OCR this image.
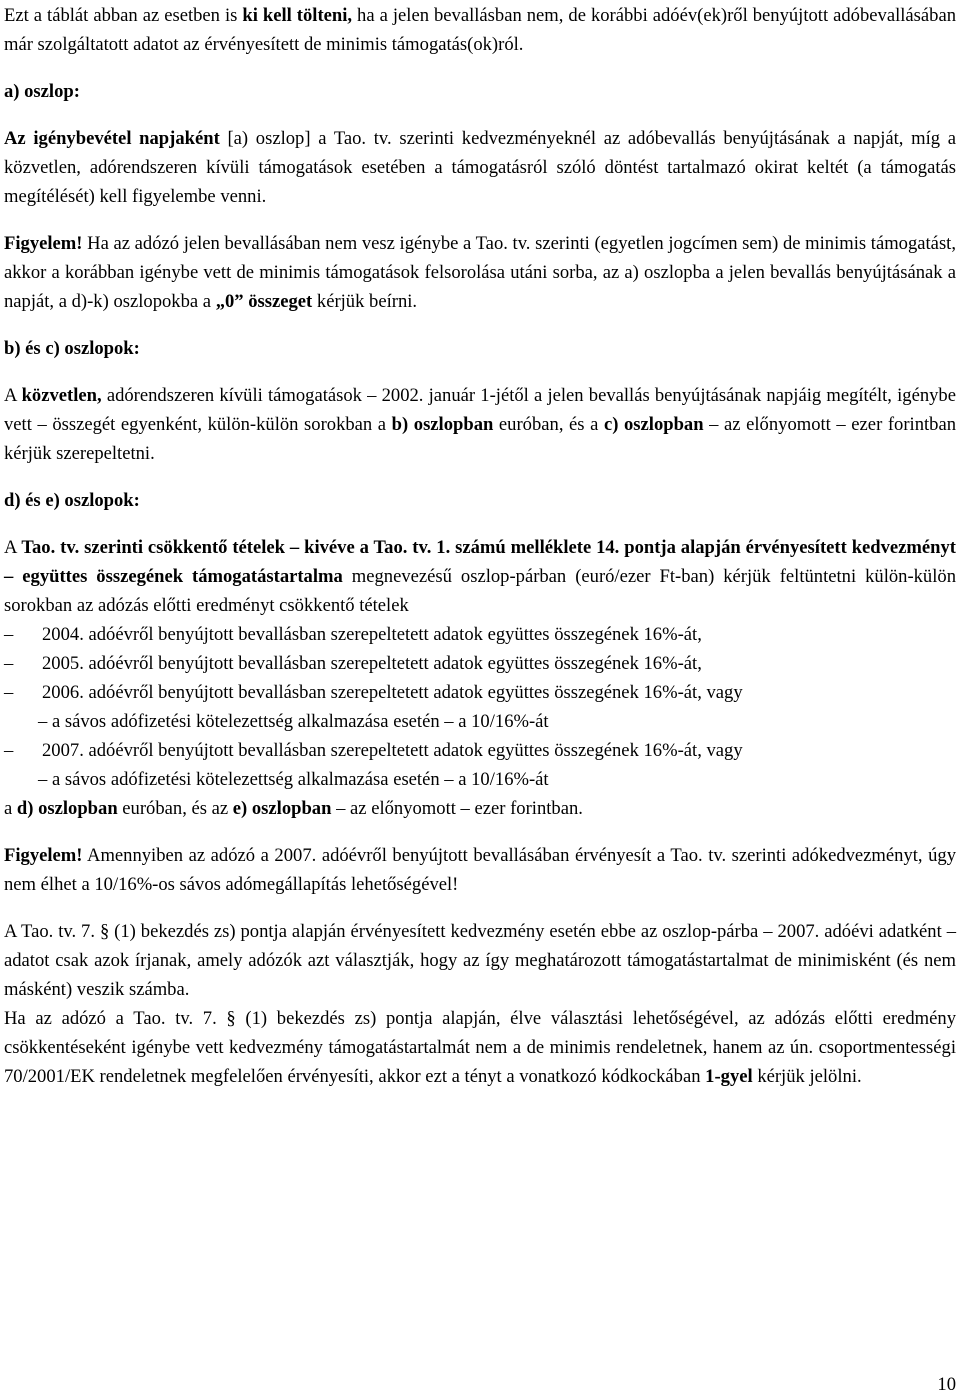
Ezt a táblát abban az esetben is ki kell tölteni, ha a jelen bevallásban nem, de korábbi adóév(ek)ről benyújtott adóbevallásában már szolgáltatott adatot az érvényesített de minimis támogatás(ok)ról.

a) oszlop:

Az igénybevétel napjaként [a) oszlop] a Tao. tv. szerinti kedvezményeknél az adóbevallás benyújtásának a napját, míg a közvetlen, adórendszeren kívüli támogatások esetében a támogatásról szóló döntést tartalmazó okirat keltét (a támogatás megítélését) kell figyelembe venni.

Figyelem! Ha az adózó jelen bevallásában nem vesz igénybe a Tao. tv. szerinti (egyetlen jogcímen sem) de minimis támogatást, akkor a korábban igénybe vett de minimis támogatások felsorolása utáni sorba, az a) oszlopba a jelen bevallás benyújtásának a napját, a d)-k) oszlopokba a „0” összeget kérjük beírni.

b) és c) oszlopok:

A közvetlen, adórendszeren kívüli támogatások – 2002. január 1-jétől a jelen bevallás benyújtásának napjáig megítélt, igénybe vett – összegét egyenként, külön-külön sorokban a b) oszlopban euróban, és a c) oszlopban – az előnyomott – ezer forintban kérjük szerepeltetni.

d) és e) oszlopok:

A Tao. tv. szerinti csökkentő tételek – kivéve a Tao. tv. 1. számú melléklete 14. pontja alapján érvényesített kedvezményt – együttes összegének támogatástartalma megnevezésű oszlop-párban (euró/ezer Ft-ban) kérjük feltüntetni külön-külön sorokban az adózás előtti eredményt csökkentő tételek

–	2004. adóévről benyújtott bevallásban szerepeltetett adatok együttes összegének 16%-át,
–	2005. adóévről benyújtott bevallásban szerepeltetett adatok együttes összegének 16%-át,
–	2006. adóévről benyújtott bevallásban szerepeltetett adatok együttes összegének 16%-át, vagy

– a sávos adófizetési kötelezettség alkalmazása esetén – a 10/16%-át

–	2007. adóévről benyújtott bevallásban szerepeltetett adatok együttes összegének 16%-át, vagy

– a sávos adófizetési kötelezettség alkalmazása esetén – a 10/16%-át

a d) oszlopban euróban, és az e) oszlopban – az előnyomott – ezer forintban.

Figyelem! Amennyiben az adózó a 2007. adóévről benyújtott bevallásában érvényesít a Tao. tv. szerinti adókedvezményt, úgy nem élhet a 10/16%-os sávos adómegállapítás lehetőségével!

A Tao. tv. 7. § (1) bekezdés zs) pontja alapján érvényesített kedvezmény esetén ebbe az oszlop-párba – 2007. adóévi adatként – adatot csak azok írjanak, amely adózók azt választják, hogy az így meghatározott támogatástartalmat de minimisként (és nem másként) veszik számba.

Ha az adózó a Tao. tv. 7. § (1) bekezdés zs) pontja alapján, élve választási lehetőségével, az adózás előtti eredmény csökkentéseként igénybe vett kedvezmény támogatástartalmát nem a de minimis rendeletnek, hanem az ún. csoportmentességi 70/2001/EK rendeletnek megfelelően érvényesíti, akkor ezt a tényt a vonatkozó kódkockában 1-gyel kérjük jelölni.

10
